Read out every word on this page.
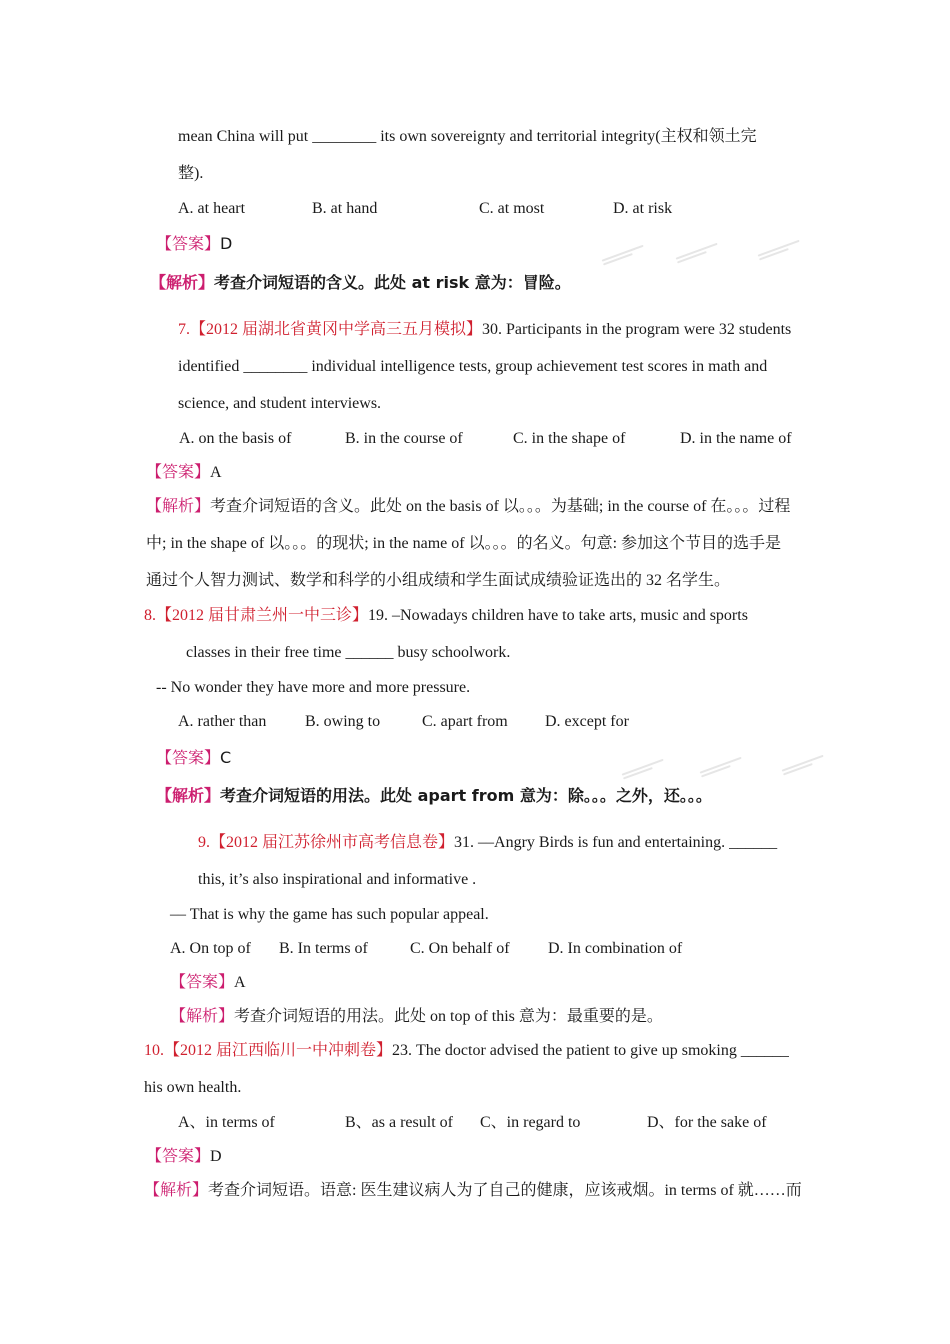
mean China will put ________ its own sovereignty and territorial integrity(主权和领土完
整).
A. at heart	B. at hand	C. at most	D. at risk
【答案】D
【解析】考查介词短语的含义。此处 at risk 意为：冒险。
7.【2012 届湖北省黄冈中学高三五月模拟】30. Participants in the program were 32 students
identified ________ individual intelligence tests, group achievement test scores in math and
science, and student interviews.
A. on the basis of	B. in the course of	C. in the shape of	D. in the name of
【答案】A
【解析】考查介词短语的含义。此处 on the basis of 以。。。为基础; in the course of 在。。。过程
中; in the shape of 以。。。的现状; in the name of 以。。。的名义。句意: 参加这个节目的选手是
通过个人智力测试、数学和科学的小组成绩和学生面试成绩验证选出的 32 名学生。
8.【2012 届甘肃兰州一中三诊】19. –Nowadays children have to take arts, music and sports
classes in their free time ______ busy schoolwork.
-- No wonder they have more and more pressure.
A. rather than B. owing to	C. apart from D. except for
【答案】C
【解析】考查介词短语的用法。此处 apart from 意为：除。。。之外，还。。。
9.【2012 届江苏徐州市高考信息卷】31. ––Angry Birds is fun and entertaining. ______
this, it’s also inspirational and informative .
–– That is why the game has such popular appeal.
A. On top of B. In terms of	C. On behalf of D. In combination of
【答案】A
【解析】考查介词短语的用法。此处 on top of this 意为：最重要的是。
10.【2012 届江西临川一中冲刺卷】23. The doctor advised the patient to give up smoking ______
his own health.
A、in terms of	B、as a result of C、in regard to	D、for the sake of
【答案】D
【解析】考查介词短语。语意: 医生建议病人为了自己的健康，应该戒烟。in terms of 就……而
